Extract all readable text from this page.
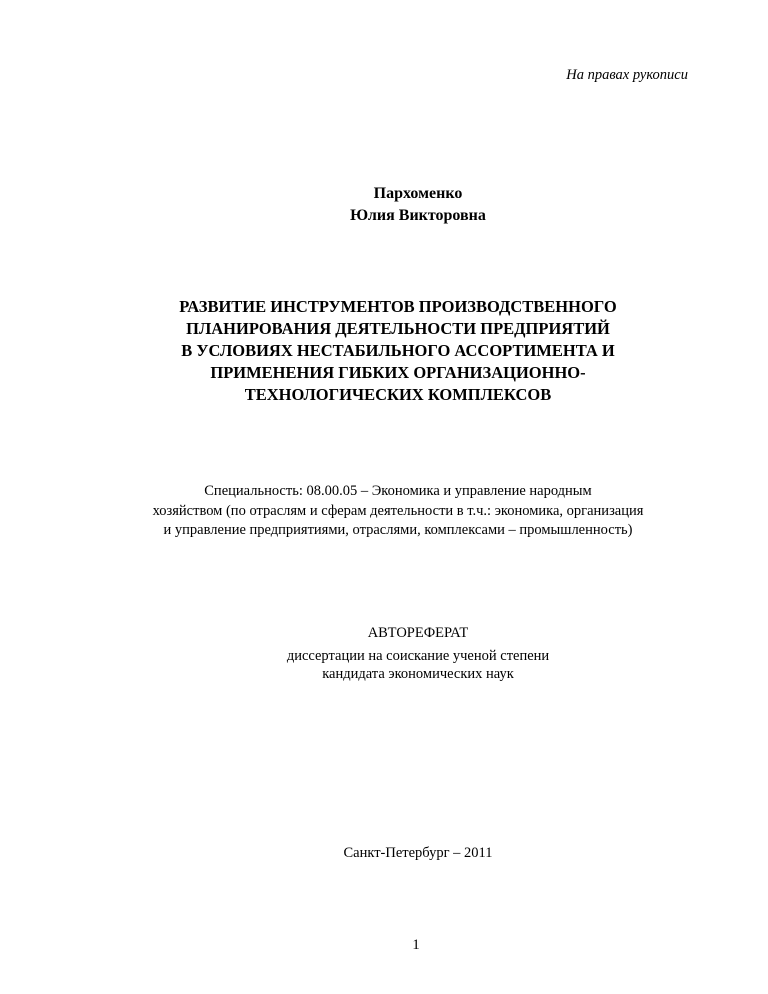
На правах рукописи
Пархоменко
Юлия Викторовна
РАЗВИТИЕ ИНСТРУМЕНТОВ ПРОИЗВОДСТВЕННОГО
ПЛАНИРОВАНИЯ ДЕЯТЕЛЬНОСТИ ПРЕДПРИЯТИЙ
В УСЛОВИЯХ НЕСТАБИЛЬНОГО АССОРТИМЕНТА И
ПРИМЕНЕНИЯ ГИБКИХ ОРГАНИЗАЦИОННО-
ТЕХНОЛОГИЧЕСКИХ КОМПЛЕКСОВ
Специальность: 08.00.05 – Экономика и управление народным
хозяйством (по отраслям и сферам деятельности в т.ч.: экономика, организация
и управление предприятиями, отраслями, комплексами – промышленность)
АВТОРЕФЕРАТ
диссертации на соискание ученой степени
кандидата экономических наук
Санкт-Петербург – 2011
1
